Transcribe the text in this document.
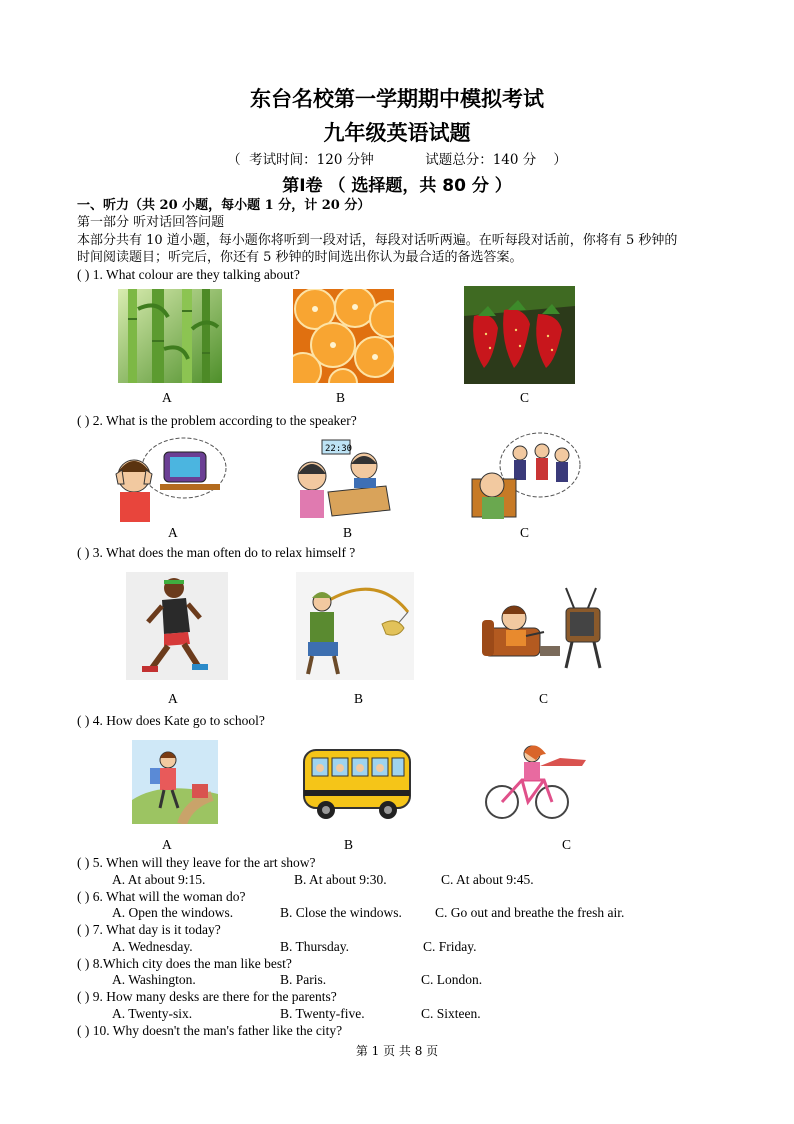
东台名校第一学期期中模拟考试
九年级英语试题
（  考试时间：120 分钟            试题总分：140 分    ）
第Ⅰ卷 （ 选择题，共 80 分 ）
一、听力（共 20 小题，每小题 1 分，计 20 分）
第一部分 听对话回答问题
本部分共有 10 道小题，每小题你将听到一段对话，每段对话听两遍。在听每段对话前，你将有 5 秒钟的
时间阅读题目；听完后，你还有 5 秒钟的时间选出你认为最合适的备选答案。
( ) 1. What colour are they talking about?
A	B	C
( ) 2. What is the problem according to the speaker?
22:30
A	B	C
( ) 3. What does the man often do to relax himself ?
A	B	C
( ) 4. How does Kate go to school?
A	B	C
( ) 5. When will they leave for the art show?
A. At about 9:15.	B. At about 9:30.	C. At about 9:45.
( ) 6. What will the woman do?
A. Open the windows.	B. Close the windows. C. Go out and breathe the fresh air.
( ) 7. What day is it today?
A. Wednesday.	B. Thursday.	C. Friday.
( ) 8.Which city does the man like best?
A. Washington.	B. Paris.	C. London.
( ) 9. How many desks are there for the parents?
A. Twenty-six.	B. Twenty-five.	C. Sixteen.
( ) 10. Why doesn't the man's father like the city?
第 1 页 共 8 页
